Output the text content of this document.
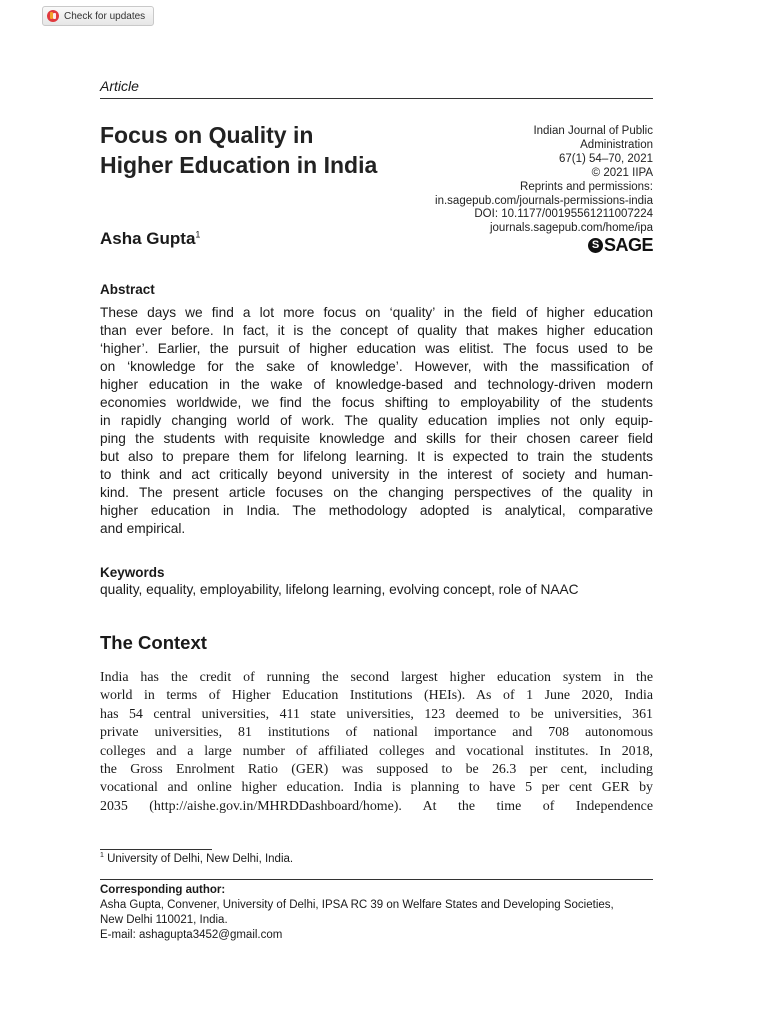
Check for updates
Article
Focus on Quality in
Higher Education in India
Indian Journal of Public
Administration
67(1) 54–70, 2021
© 2021 IIPA
Reprints and permissions:
in.sagepub.com/journals-permissions-india
DOI: 10.1177/00195561211007224
journals.sagepub.com/home/ipa
S SAGE
Asha Gupta$^1$
Abstract
These days we find a lot more focus on ‘quality’ in the field of higher education
than ever before. In fact, it is the concept of quality that makes higher education
‘higher’. Earlier, the pursuit of higher education was elitist. The focus used to be
on ‘knowledge for the sake of knowledge’. However, with the massification of
higher education in the wake of knowledge-based and technology-driven modern
economies worldwide, we find the focus shifting to employability of the students
in rapidly changing world of work. The quality education implies not only equip-
ping the students with requisite knowledge and skills for their chosen career field
but also to prepare them for lifelong learning. It is expected to train the students
to think and act critically beyond university in the interest of society and human-
kind. The present article focuses on the changing perspectives of the quality in
higher education in India. The methodology adopted is analytical, comparative
and empirical.
Keywords
quality, equality, employability, lifelong learning, evolving concept, role of NAAC
The Context
India has the credit of running the second largest higher education system in the
world in terms of Higher Education Institutions (HEIs). As of 1 June 2020, India
has 54 central universities, 411 state universities, 123 deemed to be universities, 361
private universities, 81 institutions of national importance and 708 autonomous
colleges and a large number of affiliated colleges and vocational institutes. In 2018,
the Gross Enrolment Ratio (GER) was supposed to be 26.3 per cent, including
vocational and online higher education. India is planning to have 5 per cent GER by
2035 (http://aishe.gov.in/MHRDDashboard/home). At the time of Independence
$^1$ University of Delhi, New Delhi, India.
Corresponding author:
Asha Gupta, Convener, University of Delhi, IPSA RC 39 on Welfare States and Developing Societies,
New Delhi 110021, India.
E-mail: ashagupta3452@gmail.com
